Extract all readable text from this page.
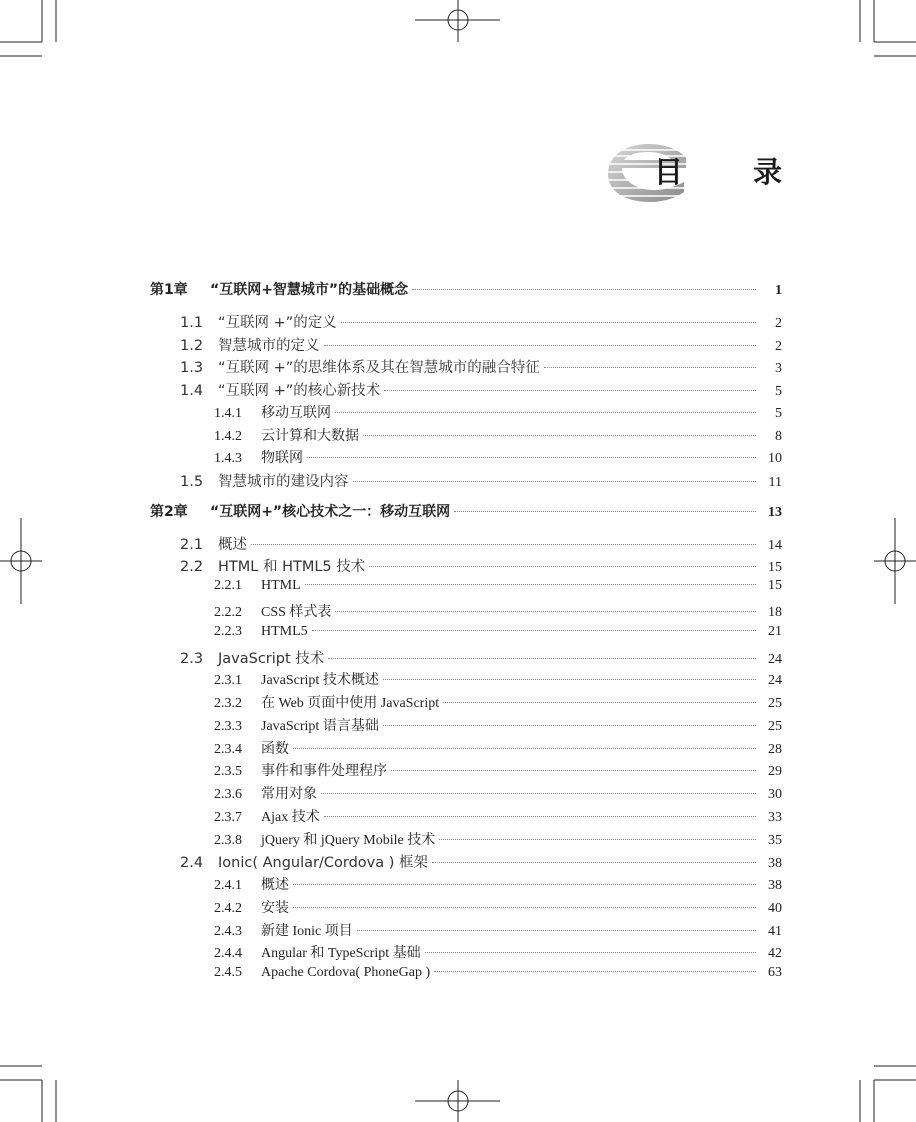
目 录
第1章	“互联网+智慧城市”的基础概念	1
1.1	“互联网 +”的定义	2
1.2	智慧城市的定义	2
1.3	“互联网 +”的思维体系及其在智慧城市的融合特征	3
1.4	“互联网 +”的核心新技术	5
1.4.1	移动互联网	5
1.4.2	云计算和大数据	8
1.4.3	物联网	10
1.5	智慧城市的建设内容	11
第2章	“互联网+”核心技术之一：移动互联网	13
2.1	概述	14
2.2	HTML 和 HTML5 技术	15
2.2.1	HTML	15
2.2.2	CSS 样式表	18
2.2.3	HTML5	21
2.3	JavaScript 技术	24
2.3.1	JavaScript 技术概述	24
2.3.2	在 Web 页面中使用 JavaScript	25
2.3.3	JavaScript 语言基础	25
2.3.4	函数	28
2.3.5	事件和事件处理程序	29
2.3.6	常用对象	30
2.3.7	Ajax 技术	33
2.3.8	jQuery 和 jQuery Mobile 技术	35
2.4	Ionic( Angular/Cordova ) 框架	38
2.4.1	概述	38
2.4.2	安装	40
2.4.3	新建 Ionic 项目	41
2.4.4	Angular 和 TypeScript 基础	42
2.4.5	Apache Cordova( PhoneGap )	63
